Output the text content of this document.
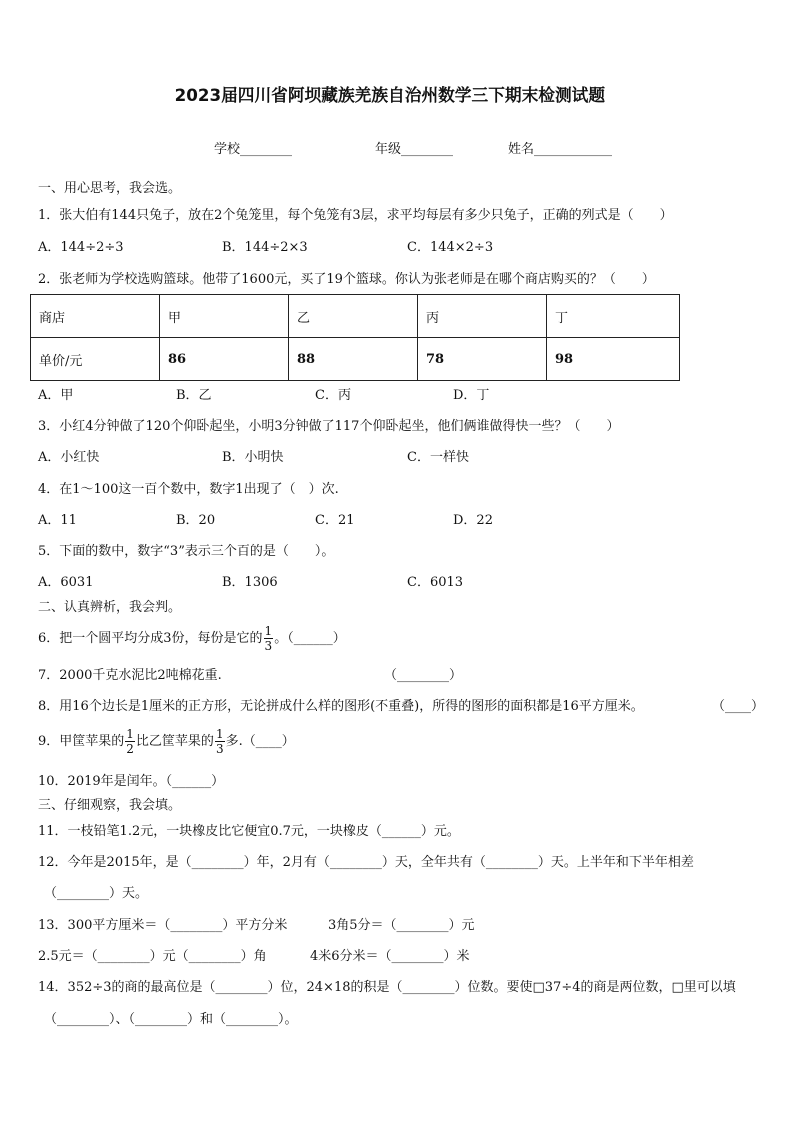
2023届四川省阿坝藏族羌族自治州数学三下期末检测试题
学校________	年级________	姓名____________
一、用心思考，我会选。
1．张大伯有144只兔子，放在2个兔笼里，每个兔笼有3层，求平均每层有多少只兔子，正确的列式是（　　）
A．144÷2÷3	B．144÷2×3	C．144×2÷3
2．张老师为学校选购篮球。他带了1600元，买了19个篮球。你认为张老师是在哪个商店购买的？（　　）
商店	甲	乙	丙	丁
单价/元	86	88	78	98
A．甲	B．乙	C．丙	D．丁
3．小红4分钟做了120个仰卧起坐，小明3分钟做了117个仰卧起坐，他们俩谁做得快一些？（　　）
A．小红快	B．小明快	C．一样快
4．在1～100这一百个数中，数字1出现了（　）次.
A．11	B．20	C．21	D．22
5．下面的数中，数字“3”表示三个百的是（　　）。
A．6031	B．1306	C．6013
二、认真辨析，我会判。
6．把一个圆平均分成3份，每份是它的 $\frac{1}{3}$ 。（______）
7．2000千克水泥比2吨棉花重.	（________）
8．用16个边长是1厘米的正方形，无论拼成什么样的图形(不重叠)，所得的图形的面积都是16平方厘米。	（____）
9．甲筐苹果的 $\frac{1}{2}$ 比乙筐苹果的 $\frac{1}{3}$ 多.（____）
10．2019年是闰年。（______）
三、仔细观察，我会填。
11．一枝铅笔1.2元，一块橡皮比它便宜0.7元，一块橡皮（______）元。
12．今年是2015年，是（________）年，2月有（________）天，全年共有（________）天。上半年和下半年相差
（________）天。
13．300平方厘米＝（________）平方分米	3角5分＝（________）元
2.5元＝（________）元（________）角	4米6分米＝（________）米
14．352÷3的商的最高位是（________）位，24×18的积是（________）位数。要使□37÷4的商是两位数，□里可以填
（________）、（________）和（________）。
